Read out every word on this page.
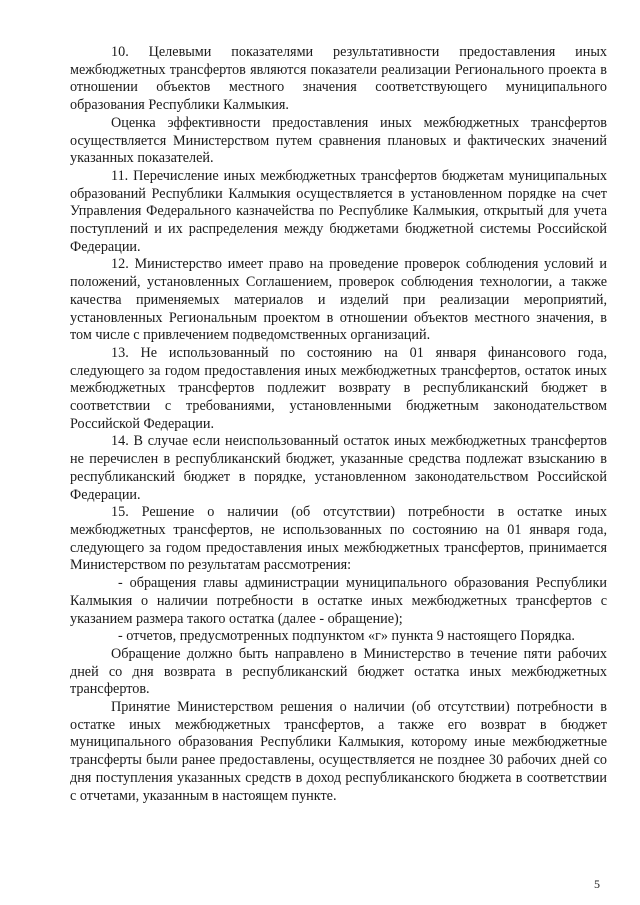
10. Целевыми показателями результативности предоставления иных межбюджетных трансфертов являются показатели реализации Регионального проекта в отношении объектов местного значения соответствующего муниципального образования Республики Калмыкия.

Оценка эффективности предоставления иных межбюджетных трансфертов осуществляется Министерством путем сравнения плановых и фактических значений указанных показателей.

11. Перечисление иных межбюджетных трансфертов бюджетам муниципальных образований Республики Калмыкия осуществляется в установленном порядке на счет Управления Федерального казначейства по Республике Калмыкия, открытый для учета поступлений и их распределения между бюджетами бюджетной системы Российской Федерации.

12. Министерство имеет право на проведение проверок соблюдения условий и положений, установленных Соглашением, проверок соблюдения технологии, а также качества применяемых материалов и изделий при реализации мероприятий, установленных Региональным проектом в отношении объектов местного значения, в том числе с привлечением подведомственных организаций.

13. Не использованный по состоянию на 01 января финансового года, следующего за годом предоставления иных межбюджетных трансфертов, остаток иных межбюджетных трансфертов подлежит возврату в республиканский бюджет в соответствии с требованиями, установленными бюджетным законодательством Российской Федерации.

14. В случае если неиспользованный остаток иных межбюджетных трансфертов не перечислен в республиканский бюджет, указанные средства подлежат взысканию в республиканский бюджет в порядке, установленном законодательством Российской Федерации.

15. Решение о наличии (об отсутствии) потребности в остатке иных межбюджетных трансфертов, не использованных по состоянию на 01 января года, следующего за годом предоставления иных межбюджетных трансфертов, принимается Министерством по результатам рассмотрения:

- обращения главы администрации муниципального образования Республики Калмыкия о наличии потребности в остатке иных межбюджетных трансфертов с указанием размера такого остатка (далее - обращение);

- отчетов, предусмотренных подпунктом «г» пункта 9 настоящего Порядка.

Обращение должно быть направлено в Министерство в течение пяти рабочих дней со дня возврата в республиканский бюджет остатка иных межбюджетных трансфертов.

Принятие Министерством решения о наличии (об отсутствии) потребности в остатке иных межбюджетных трансфертов, а также его возврат в бюджет муниципального образования Республики Калмыкия, которому иные межбюджетные трансферты были ранее предоставлены, осуществляется не позднее 30 рабочих дней со дня поступления указанных средств в доход республиканского бюджета в соответствии с отчетами, указанным в настоящем пункте.

5
